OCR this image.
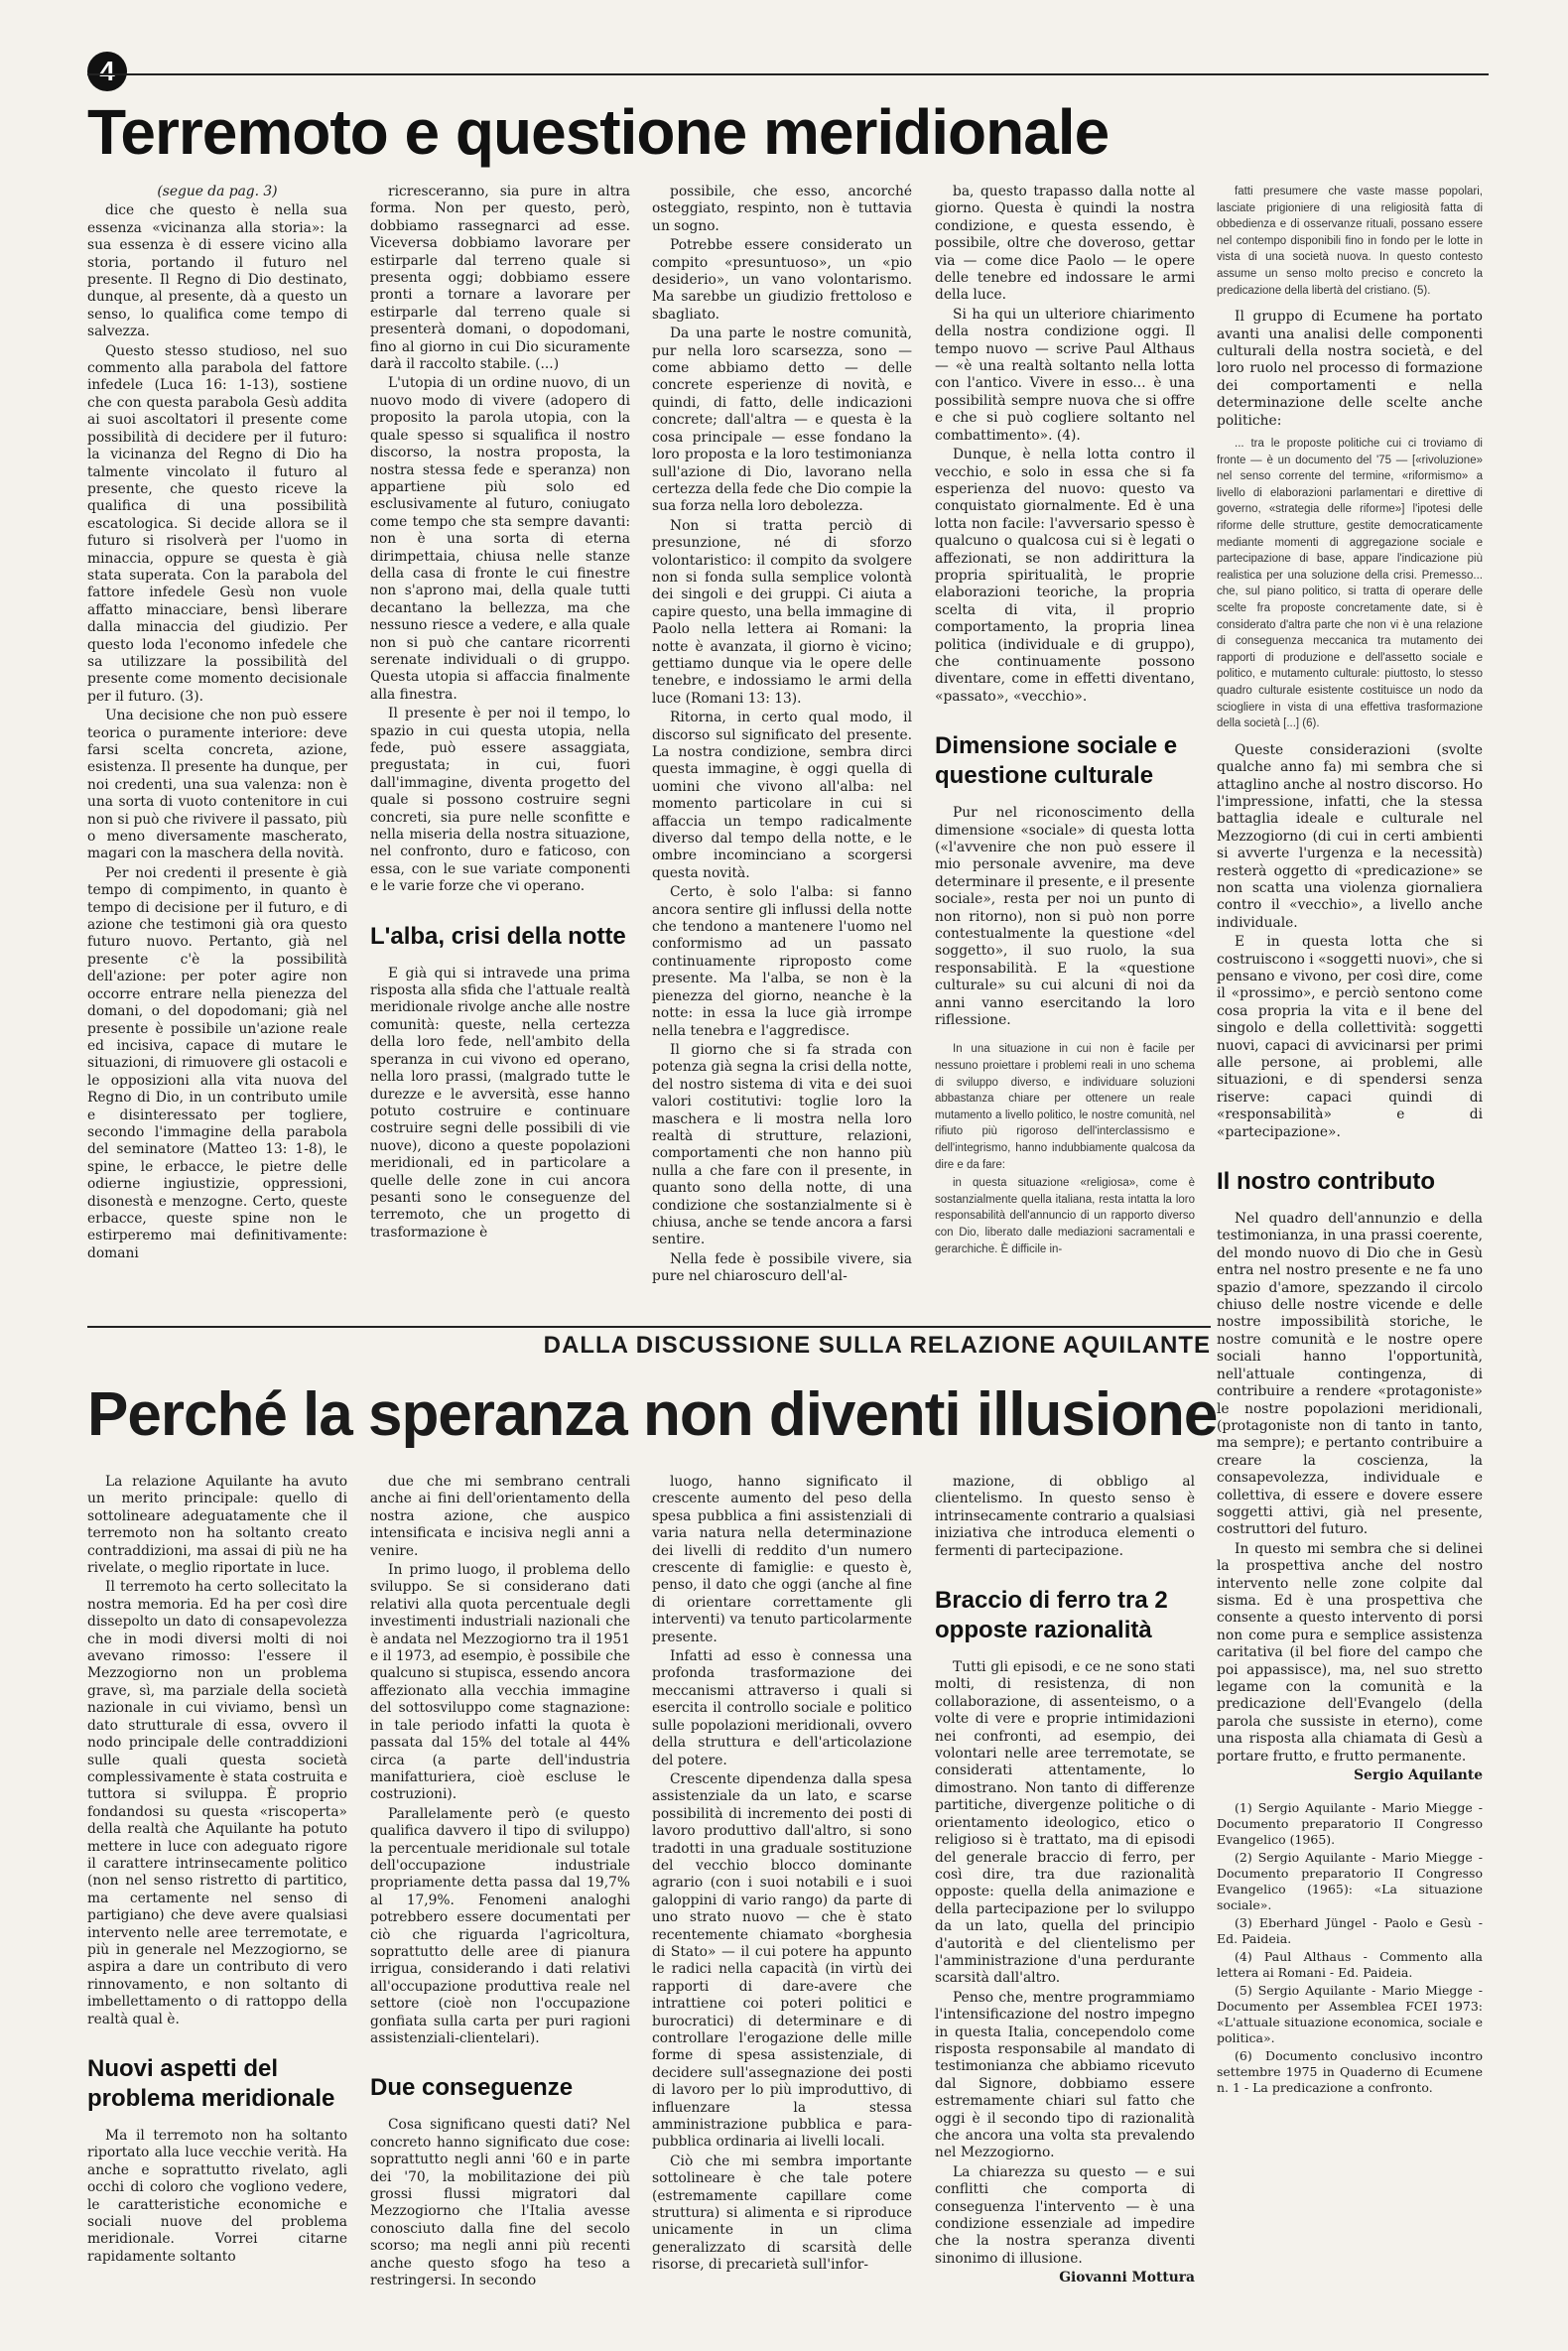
4
Terremoto e questione meridionale

(segue da pag. 3)

dice che questo è nella sua essenza «vicinanza alla storia»: la sua essenza è di essere vicino alla storia, portando il futuro nel presente. Il Regno di Dio destinato, dunque, al presente, dà a questo un senso, lo qualifica come tempo di salvezza.

Questo stesso studioso, nel suo commento alla parabola del fattore infedele (Luca 16: 1-13), sostiene che con questa parabola Gesù addita ai suoi ascoltatori il presente come possibilità di decidere per il futuro: la vicinanza del Regno di Dio ha talmente vincolato il futuro al presente, che questo riceve la qualifica di una possibilità escatologica. Si decide allora se il futuro si risolverà per l'uomo in minaccia, oppure se questa è già stata superata. Con la parabola del fattore infedele Gesù non vuole affatto minacciare, bensì liberare dalla minaccia del giudizio. Per questo loda l'economo infedele che sa utilizzare la possibilità del presente come momento decisionale per il futuro. (3).

Una decisione che non può essere teorica o puramente interiore: deve farsi scelta concreta, azione, esistenza. Il presente ha dunque, per noi credenti, una sua valenza: non è una sorta di vuoto contenitore in cui non si può che rivivere il passato, più o meno diversamente mascherato, magari con la maschera della novità.

Per noi credenti il presente è già tempo di compimento, in quanto è tempo di decisione per il futuro, e di azione che testimoni già ora questo futuro nuovo. Pertanto, già nel presente c'è la possibilità dell'azione: per poter agire non occorre entrare nella pienezza del domani, o del dopodomani; già nel presente è possibile un'azione reale ed incisiva, capace di mutare le situazioni, di rimuovere gli ostacoli e le opposizioni alla vita nuova del Regno di Dio, in un contributo umile e disinteressato per togliere, secondo l'immagine della parabola del seminatore (Matteo 13: 1-8), le spine, le erbacce, le pietre delle odierne ingiustizie, oppressioni, disonestà e menzogne. Certo, queste erbacce, queste spine non le estirperemo mai definitivamente: domani

ricresceranno, sia pure in altra forma. Non per questo, però, dobbiamo rassegnarci ad esse. Viceversa dobbiamo lavorare per estirparle dal terreno quale si presenta oggi; dobbiamo essere pronti a tornare a lavorare per estirparle dal terreno quale si presenterà domani, o dopodomani, fino al giorno in cui Dio sicuramente darà il raccolto stabile. (...)

L'utopia di un ordine nuovo, di un nuovo modo di vivere (adopero di proposito la parola utopia, con la quale spesso si squalifica il nostro discorso, la nostra proposta, la nostra stessa fede e speranza) non appartiene più solo ed esclusivamente al futuro, coniugato come tempo che sta sempre davanti: non è una sorta di eterna dirimpettaia, chiusa nelle stanze della casa di fronte le cui finestre non s'aprono mai, della quale tutti decantano la bellezza, ma che nessuno riesce a vedere, e alla quale non si può che cantare ricorrenti serenate individuali o di gruppo. Questa utopia si affaccia finalmente alla finestra.

Il presente è per noi il tempo, lo spazio in cui questa utopia, nella fede, può essere assaggiata, pregustata; in cui, fuori dall'immagine, diventa progetto del quale si possono costruire segni concreti, sia pure nelle sconfitte e nella miseria della nostra situazione, nel confronto, duro e faticoso, con essa, con le sue variate componenti e le varie forze che vi operano.

L'alba, crisi della notte

E già qui si intravede una prima risposta alla sfida che l'attuale realtà meridionale rivolge anche alle nostre comunità: queste, nella certezza della loro fede, nell'ambito della speranza in cui vivono ed operano, nella loro prassi, (malgrado tutte le durezze e le avversità, esse hanno potuto costruire e continuare costruire segni delle possibili di vie nuove), dicono a queste popolazioni meridionali, ed in particolare a quelle delle zone in cui ancora pesanti sono le conseguenze del terremoto, che un progetto di trasformazione è

possibile, che esso, ancorché osteggiato, respinto, non è tuttavia un sogno.

Potrebbe essere considerato un compito «presuntuoso», un «pio desiderio», un vano volontarismo. Ma sarebbe un giudizio frettoloso e sbagliato.

Da una parte le nostre comunità, pur nella loro scarsezza, sono — come abbiamo detto — delle concrete esperienze di novità, e quindi, di fatto, delle indicazioni concrete; dall'altra — e questa è la cosa principale — esse fondano la loro proposta e la loro testimonianza sull'azione di Dio, lavorano nella certezza della fede che Dio compie la sua forza nella loro debolezza.

Non si tratta perciò di presunzione, né di sforzo volontaristico: il compito da svolgere non si fonda sulla semplice volontà dei singoli e dei gruppi. Ci aiuta a capire questo, una bella immagine di Paolo nella lettera ai Romani: la notte è avanzata, il giorno è vicino; gettiamo dunque via le opere delle tenebre, e indossiamo le armi della luce (Romani 13: 13).

Ritorna, in certo qual modo, il discorso sul significato del presente. La nostra condizione, sembra dirci questa immagine, è oggi quella di uomini che vivono all'alba: nel momento particolare in cui si affaccia un tempo radicalmente diverso dal tempo della notte, e le ombre incominciano a scorgersi questa novità.

Certo, è solo l'alba: si fanno ancora sentire gli influssi della notte che tendono a mantenere l'uomo nel conformismo ad un passato continuamente riproposto come presente. Ma l'alba, se non è la pienezza del giorno, neanche è la notte: in essa la luce già irrompe nella tenebra e l'aggredisce.

Il giorno che si fa strada con potenza già segna la crisi della notte, del nostro sistema di vita e dei suoi valori costitutivi: toglie loro la maschera e li mostra nella loro realtà di strutture, relazioni, comportamenti che non hanno più nulla a che fare con il presente, in quanto sono della notte, di una condizione che sostanzialmente si è chiusa, anche se tende ancora a farsi sentire.

Nella fede è possibile vivere, sia pure nel chiaroscuro dell'al-

ba, questo trapasso dalla notte al giorno. Questa è quindi la nostra condizione, e questa essendo, è possibile, oltre che doveroso, gettar via — come dice Paolo — le opere delle tenebre ed indossare le armi della luce.

Si ha qui un ulteriore chiarimento della nostra condizione oggi. Il tempo nuovo — scrive Paul Althaus — «è una realtà soltanto nella lotta con l'antico. Vivere in esso... è una possibilità sempre nuova che si offre e che si può cogliere soltanto nel combattimento». (4).

Dunque, è nella lotta contro il vecchio, e solo in essa che si fa esperienza del nuovo: questo va conquistato giornalmente. Ed è una lotta non facile: l'avversario spesso è qualcuno o qualcosa cui si è legati o affezionati, se non addirittura la propria spiritualità, le proprie elaborazioni teoriche, la propria scelta di vita, il proprio comportamento, la propria linea politica (individuale e di gruppo), che continuamente possono diventare, come in effetti diventano, «passato», «vecchio».

Dimensione sociale e questione culturale

Pur nel riconoscimento della dimensione «sociale» di questa lotta («l'avvenire che non può essere il mio personale avvenire, ma deve determinare il presente, e il presente sociale», resta per noi un punto di non ritorno), non si può non porre contestualmente la questione «del soggetto», il suo ruolo, la sua responsabilità. E la «questione culturale» su cui alcuni di noi da anni vanno esercitando la loro riflessione.

In una situazione in cui non è facile per nessuno proiettare i problemi reali in uno schema di sviluppo diverso, e individuare soluzioni abbastanza chiare per ottenere un reale mutamento a livello politico, le nostre comunità, nel rifiuto più rigoroso dell'interclassismo e dell'integrismo, hanno indubbiamente qualcosa da dire e da fare:

in questa situazione «religiosa», come è sostanzialmente quella italiana, resta intatta la loro responsabilità dell'annuncio di un rapporto diverso con Dio, liberato dalle mediazioni sacramentali e gerarchiche. È difficile in-

fatti presumere che vaste masse popolari, lasciate prigioniere di una religiosità fatta di obbedienza e di osservanze rituali, possano essere nel contempo disponibili fino in fondo per le lotte in vista di una società nuova. In questo contesto assume un senso molto preciso e concreto la predicazione della libertà del cristiano. (5).

Il gruppo di Ecumene ha portato avanti una analisi delle componenti culturali della nostra società, e del loro ruolo nel processo di formazione dei comportamenti e nella determinazione delle scelte anche politiche:

... tra le proposte politiche cui ci troviamo di fronte — è un documento del '75 — [«rivoluzione» nel senso corrente del termine, «riformismo» a livello di elaborazioni parlamentari e direttive di governo, «strategia delle riforme»] l'ipotesi delle riforme delle strutture, gestite democraticamente mediante momenti di aggregazione sociale e partecipazione di base, appare l'indicazione più realistica per una soluzione della crisi. Premesso... che, sul piano politico, si tratta di operare delle scelte fra proposte concretamente date, si è considerato d'altra parte che non vi è una relazione di conseguenza meccanica tra mutamento dei rapporti di produzione e dell'assetto sociale e politico, e mutamento culturale: piuttosto, lo stesso quadro culturale esistente costituisce un nodo da sciogliere in vista di una effettiva trasformazione della società [...] (6).

Queste considerazioni (svolte qualche anno fa) mi sembra che si attaglino anche al nostro discorso. Ho l'impressione, infatti, che la stessa battaglia ideale e culturale nel Mezzogiorno (di cui in certi ambienti si avverte l'urgenza e la necessità) resterà oggetto di «predicazione» se non scatta una violenza giornaliera contro il «vecchio», a livello anche individuale.

E in questa lotta che si costruiscono i «soggetti nuovi», che si pensano e vivono, per così dire, come il «prossimo», e perciò sentono come cosa propria la vita e il bene del singolo e della collettività: soggetti nuovi, capaci di avvicinarsi per primi alle persone, ai problemi, alle situazioni, e di spendersi senza riserve: capaci quindi di «responsabilità» e di «partecipazione».

Il nostro contributo

Nel quadro dell'annunzio e della testimonianza, in una prassi coerente, del mondo nuovo di Dio che in Gesù entra nel nostro presente e ne fa uno spazio d'amore, spezzando il circolo chiuso delle nostre vicende e delle nostre impossibilità storiche, le nostre comunità e le nostre opere sociali hanno l'opportunità, nell'attuale contingenza, di contribuire a rendere «protagoniste» le nostre popolazioni meridionali, (protagoniste non di tanto in tanto, ma sempre); e pertanto contribuire a creare la coscienza, la consapevolezza, individuale e collettiva, di essere e dovere essere soggetti attivi, già nel presente, costruttori del futuro.

In questo mi sembra che si delinei la prospettiva anche del nostro intervento nelle zone colpite dal sisma. Ed è una prospettiva che consente a questo intervento di porsi non come pura e semplice assistenza caritativa (il bel fiore del campo che poi appassisce), ma, nel suo stretto legame con la comunità e la predicazione dell'Evangelo (della parola che sussiste in eterno), come una risposta alla chiamata di Gesù a portare frutto, e frutto permanente.

Sergio Aquilante

(1) Sergio Aquilante - Mario Miegge - Documento preparatorio II Congresso Evangelico (1965).

(2) Sergio Aquilante - Mario Miegge - Documento preparatorio II Congresso Evangelico (1965): «La situazione sociale».

(3) Eberhard Jüngel - Paolo e Gesù - Ed. Paideia.

(4) Paul Althaus - Commento alla lettera ai Romani - Ed. Paideia.

(5) Sergio Aquilante - Mario Miegge - Documento per Assemblea FCEI 1973: «L'attuale situazione economica, sociale e politica».

(6) Documento conclusivo incontro settembre 1975 in Quaderno di Ecumene n. 1 - La predicazione a confronto.

DALLA DISCUSSIONE SULLA RELAZIONE AQUILANTE
Perché la speranza non diventi illusione

La relazione Aquilante ha avuto un merito principale: quello di sottolineare adeguatamente che il terremoto non ha soltanto creato contraddizioni, ma assai di più ne ha rivelate, o meglio riportate in luce.

Il terremoto ha certo sollecitato la nostra memoria. Ed ha per così dire dissepolto un dato di consapevolezza che in modi diversi molti di noi avevano rimosso: l'essere il Mezzogiorno non un problema grave, sì, ma parziale della società nazionale in cui viviamo, bensì un dato strutturale di essa, ovvero il nodo principale delle contraddizioni sulle quali questa società complessivamente è stata costruita e tuttora si sviluppa. È proprio fondandosi su questa «riscoperta» della realtà che Aquilante ha potuto mettere in luce con adeguato rigore il carattere intrinsecamente politico (non nel senso ristretto di partitico, ma certamente nel senso di partigiano) che deve avere qualsiasi intervento nelle aree terremotate, e più in generale nel Mezzogiorno, se aspira a dare un contributo di vero rinnovamento, e non soltanto di imbellettamento o di rattoppo della realtà qual è.

Nuovi aspetti del problema meridionale

Ma il terremoto non ha soltanto riportato alla luce vecchie verità. Ha anche e soprattutto rivelato, agli occhi di coloro che vogliono vedere, le caratteristiche economiche e sociali nuove del problema meridionale. Vorrei citarne rapidamente soltanto

due che mi sembrano centrali anche ai fini dell'orientamento della nostra azione, che auspico intensificata e incisiva negli anni a venire.

In primo luogo, il problema dello sviluppo. Se si considerano dati relativi alla quota percentuale degli investimenti industriali nazionali che è andata nel Mezzogiorno tra il 1951 e il 1973, ad esempio, è possibile che qualcuno si stupisca, essendo ancora affezionato alla vecchia immagine del sottosviluppo come stagnazione: in tale periodo infatti la quota è passata dal 15% del totale al 44% circa (a parte dell'industria manifatturiera, cioè escluse le costruzioni).

Parallelamente però (e questo qualifica davvero il tipo di sviluppo) la percentuale meridionale sul totale dell'occupazione industriale propriamente detta passa dal 19,7% al 17,9%. Fenomeni analoghi potrebbero essere documentati per ciò che riguarda l'agricoltura, soprattutto delle aree di pianura irrigua, considerando i dati relativi all'occupazione produttiva reale nel settore (cioè non l'occupazione gonfiata sulla carta per puri ragioni assistenziali-clientelari).

Due conseguenze

Cosa significano questi dati? Nel concreto hanno significato due cose: soprattutto negli anni '60 e in parte dei '70, la mobilitazione dei più grossi flussi migratori dal Mezzogiorno che l'Italia avesse conosciuto dalla fine del secolo scorso; ma negli anni più recenti anche questo sfogo ha teso a restringersi. In secondo

luogo, hanno significato il crescente aumento del peso della spesa pubblica a fini assistenziali di varia natura nella determinazione dei livelli di reddito d'un numero crescente di famiglie: e questo è, penso, il dato che oggi (anche al fine di orientare correttamente gli interventi) va tenuto particolarmente presente.

Infatti ad esso è connessa una profonda trasformazione dei meccanismi attraverso i quali si esercita il controllo sociale e politico sulle popolazioni meridionali, ovvero della struttura e dell'articolazione del potere.

Crescente dipendenza dalla spesa assistenziale da un lato, e scarse possibilità di incremento dei posti di lavoro produttivo dall'altro, si sono tradotti in una graduale sostituzione del vecchio blocco dominante agrario (con i suoi notabili e i suoi galoppini di vario rango) da parte di uno strato nuovo — che è stato recentemente chiamato «borghesia di Stato» — il cui potere ha appunto le radici nella capacità (in virtù dei rapporti di dare-avere che intrattiene coi poteri politici e burocratici) di determinare e di controllare l'erogazione delle mille forme di spesa assistenziale, di decidere sull'assegnazione dei posti di lavoro per lo più improduttivo, di influenzare la stessa amministrazione pubblica e para-pubblica ordinaria ai livelli locali.

Ciò che mi sembra importante sottolineare è che tale potere (estremamente capillare come struttura) si alimenta e si riproduce unicamente in un clima generalizzato di scarsità delle risorse, di precarietà sull'infor-

mazione, di obbligo al clientelismo. In questo senso è intrinsecamente contrario a qualsiasi iniziativa che introduca elementi o fermenti di partecipazione.

Braccio di ferro tra 2 opposte razionalità

Tutti gli episodi, e ce ne sono stati molti, di resistenza, di non collaborazione, di assenteismo, o a volte di vere e proprie intimidazioni nei confronti, ad esempio, dei volontari nelle aree terremotate, se considerati attentamente, lo dimostrano. Non tanto di differenze partitiche, divergenze politiche o di orientamento ideologico, etico o religioso si è trattato, ma di episodi del generale braccio di ferro, per così dire, tra due razionalità opposte: quella della animazione e della partecipazione per lo sviluppo da un lato, quella del principio d'autorità e del clientelismo per l'amministrazione d'una perdurante scarsità dall'altro.

Penso che, mentre programmiamo l'intensificazione del nostro impegno in questa Italia, concependolo come risposta responsabile al mandato di testimonianza che abbiamo ricevuto dal Signore, dobbiamo essere estremamente chiari sul fatto che oggi è il secondo tipo di razionalità che ancora una volta sta prevalendo nel Mezzogiorno.

La chiarezza su questo — e sui conflitti che comporta di conseguenza l'intervento — è una condizione essenziale ad impedire che la nostra speranza diventi sinonimo di illusione.

Giovanni Mottura
